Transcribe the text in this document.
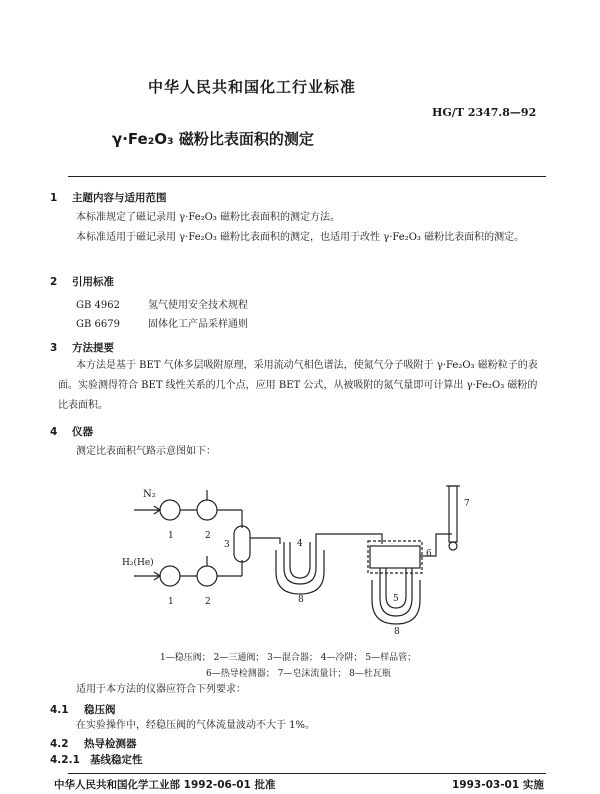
中华人民共和国化工行业标准
HG/T 2347.8—92
γ·Fe₂O₃ 磁粉比表面积的测定
1 主题内容与适用范围
本标准规定了磁记录用 γ·Fe₂O₃ 磁粉比表面积的测定方法。
本标准适用于磁记录用 γ·Fe₂O₃ 磁粉比表面积的测定，也适用于改性 γ·Fe₂O₃ 磁粉比表面积的测定。
2 引用标准
GB 4962	氢气使用安全技术规程
GB 6679	固体化工产品采样通则
3 方法提要
本方法是基于 BET 气体多层吸附原理，采用流动气相色谱法，使氮气分子吸附于 γ·Fe₂O₃ 磁粉粒子的表面。实验测得符合 BET 线性关系的几个点，应用 BET 公式，从被吸附的氮气量即可计算出 γ·Fe₂O₃ 磁粉的比表面积。
4 仪器
测定比表面积气路示意图如下：
N₂
H₂(He)
1	2
3	4
5
6
7
8
8
1	2
1—稳压阀； 2—三通阀； 3—混合器； 4—冷阱； 5—样品管；
6—热导检测器； 7—皂沫流量计； 8—杜瓦瓶
适用于本方法的仪器应符合下列要求：
4.1 稳压阀
在实验操作中，经稳压阀的气体流量波动不大于 1%。
4.2 热导检测器
4.2.1 基线稳定性
中华人民共和国化学工业部 1992-06-01 批准	1993-03-01 实施
